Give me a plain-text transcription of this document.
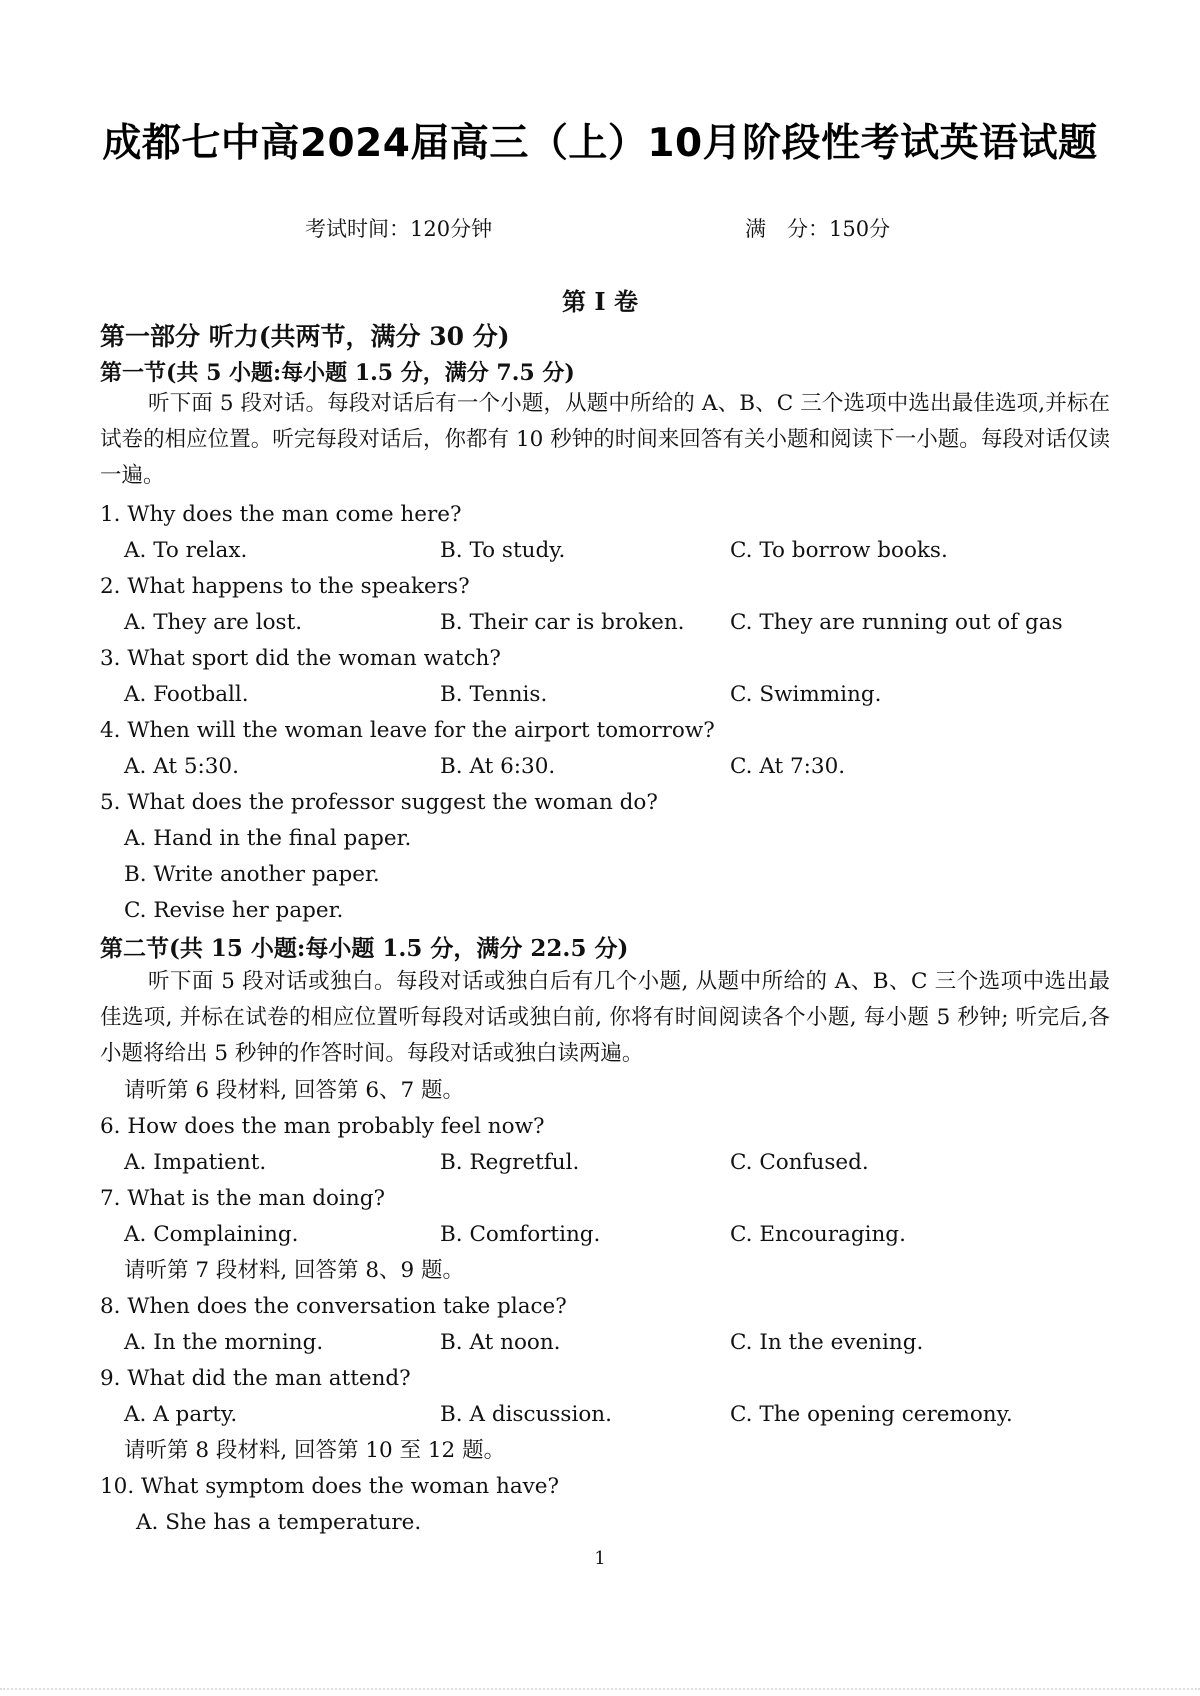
成都七中高2024届高三（上）10月阶段性考试英语试题
考试时间：120分钟	满　分：150分
第 I 卷
第一部分 听力(共两节，满分 30 分)
第一节(共 5 小题:每小题 1.5 分，满分 7.5 分)
听下面 5 段对话。每段对话后有一个小题，从题中所给的 A、B、C 三个选项中选出最佳选项,并标在试卷的相应位置。听完每段对话后，你都有 10 秒钟的时间来回答有关小题和阅读下一小题。每段对话仅读一遍。
1. Why does the man come here?
A. To relax.	B. To study.	C. To borrow books.
2. What happens to the speakers?
A. They are lost.	B. Their car is broken. C. They are running out of gas
3. What sport did the woman watch?
A. Football.	B. Tennis.	C. Swimming.
4. When will the woman leave for the airport tomorrow?
A. At 5:30.	B. At 6:30.	C. At 7:30.
5. What does the professor suggest the woman do?
A. Hand in the final paper.
B. Write another paper.
C. Revise her paper.
第二节(共 15 小题:每小题 1.5 分，满分 22.5 分)
听下面 5 段对话或独白。每段对话或独白后有几个小题, 从题中所给的 A、B、C 三个选项中选出最佳选项, 并标在试卷的相应位置听每段对话或独白前, 你将有时间阅读各个小题, 每小题 5 秒钟; 听完后,各小题将给出 5 秒钟的作答时间。每段对话或独白读两遍。
请听第 6 段材料, 回答第 6、7 题。
6. How does the man probably feel now?
A. Impatient.	B. Regretful.	C. Confused.
7. What is the man doing?
A. Complaining.	B. Comforting.	C. Encouraging.
请听第 7 段材料, 回答第 8、9 题。
8. When does the conversation take place?
A. In the morning.	B. At noon.	C. In the evening.
9. What did the man attend?
A. A party.	B. A discussion.	C. The opening ceremony.
请听第 8 段材料, 回答第 10 至 12 题。
10. What symptom does the woman have?
A. She has a temperature.
1
